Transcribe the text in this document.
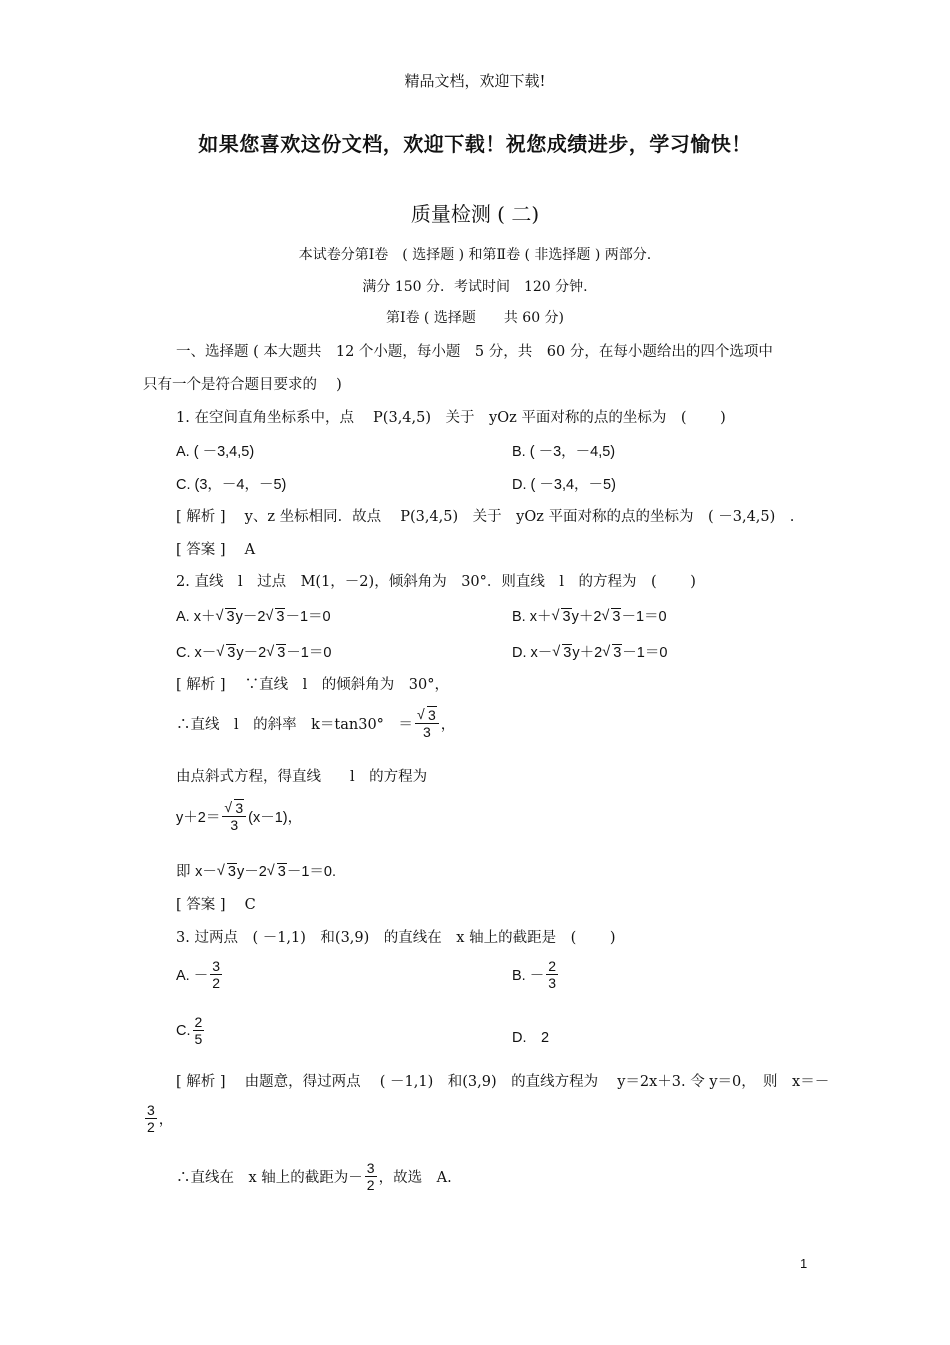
精品文档，欢迎下载!
如果您喜欢这份文档，欢迎下载！祝您成绩进步，学习愉快！
质量检测 ( 二)
本试卷分第Ⅰ卷　( 选择题 ) 和第Ⅱ卷 ( 非选择题 ) 两部分.
满分 150 分．考试时间　120 分钟.
第Ⅰ卷 ( 选择题　　共 60 分)
一、选择题 ( 本大题共　12 个小题，每小题　5 分，共　60 分，在每小题给出的四个选项中
只有一个是符合题目要求的　 )
1. 在空间直角坐标系中，点　 P(3,4,5)　关于　yOz 平面对称的点的坐标为　(　　 )
A. ( －3,4,5)	B. ( －3，－4,5)
C. (3，－4，－5)	D. ( －3,4，－5)
[ 解析 ]　 y、z 坐标相同．故点　 P(3,4,5)　关于　yOz 平面对称的点的坐标为　( －3,4,5)　.
[ 答案 ]　 A
2. 直线　l　过点　M(1，－2)，倾斜角为　30°．则直线　l　的方程为　(　　 )
A. x＋ √ 3y－2 √ 3－1＝0	B. x＋ √ 3y＋2 √ 3－1＝0
C. x－ √ 3y－2 √ 3－1＝0	D. x－ √ 3y＋2 √ 3－1＝0
[ 解析 ]　 ∵直线　l　的倾斜角为　30°，
∴直线　l　的斜率　k＝tan30°　＝ √ $\frac{3}{3}$ ，
由点斜式方程，得直线　　l　的方程为
y＋2＝ √ $\frac{3}{3} (x-1)$，
即 x－ √ 3y－2 √ 3－1＝0.
[ 答案 ]　 C
3. 过两点　( －1,1)　和(3,9)　的直线在　x 轴上的截距是　(　　 )
A. － $\frac{3}{2}$	B. － $\frac{2}{3}$
C. $\frac{2}{5}$	D.　2
[ 解析 ]　 由题意，得过两点　 ( －1,1)　和(3,9)　的直线方程为　 y＝2x＋3. 令 y＝0，　则　x＝－
$\frac{3}{2}$ ，
∴直线在　x 轴上的截距为－ $\frac{3}{2}$ ，故选　A.
1
